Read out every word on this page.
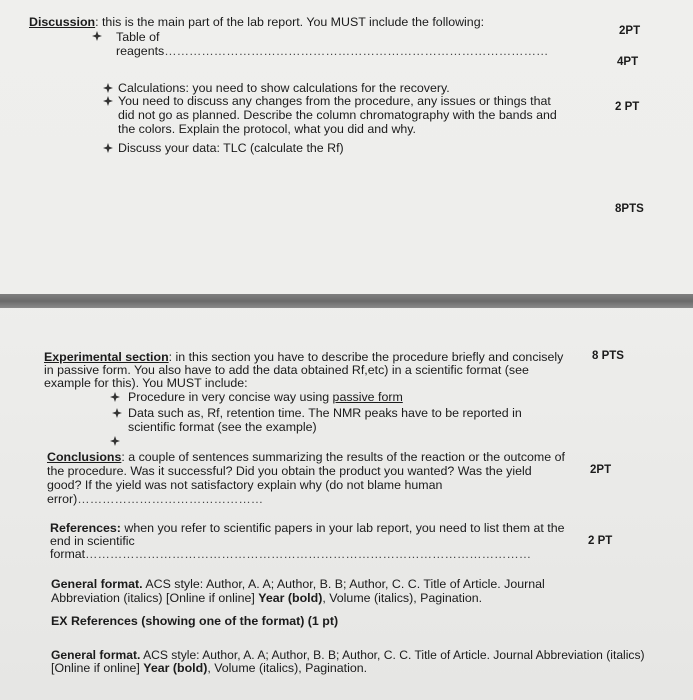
Discussion: this is the main part of the lab report. You MUST include the following:
Table of
reagents…………………………………………………………………………………
Calculations: you need to show calculations for the recovery.
You need to discuss any changes from the procedure, any issues or things that
did not go as planned. Describe the column chromatography with the bands and
the colors. Explain the protocol, what you did and why.
Discuss your data: TLC (calculate the Rf)
2PT
4PT
2 PT
8PTS
Experimental section: in this section you have to describe the procedure briefly and concisely
in passive form. You also have to add the data obtained Rf,etc) in a scientific format (see
example for this). You MUST include:
8 PTS
Procedure in very concise way using passive form
Data such as, Rf, retention time. The NMR peaks have to be reported in
scientific format (see the example)
Conclusions: a couple of sentences summarizing the results of the reaction or the outcome of
the procedure. Was it successful? Did you obtain the product you wanted? Was the yield
good? If the yield was not satisfactory explain why (do not blame human
error)………………………………………
2PT
References: when you refer to scientific papers in your lab report, you need to list them at the
end in scientific
format………………………………………………………………………………………………
2 PT
General format. ACS style: Author, A. A; Author, B. B; Author, C. C. Title of Article. Journal
Abbreviation (italics) [Online if online] Year (bold), Volume (italics), Pagination.
EX References (showing one of the format) (1 pt)
General format. ACS style: Author, A. A; Author, B. B; Author, C. C. Title of Article. Journal Abbreviation (italics)
[Online if online] Year (bold), Volume (italics), Pagination.
